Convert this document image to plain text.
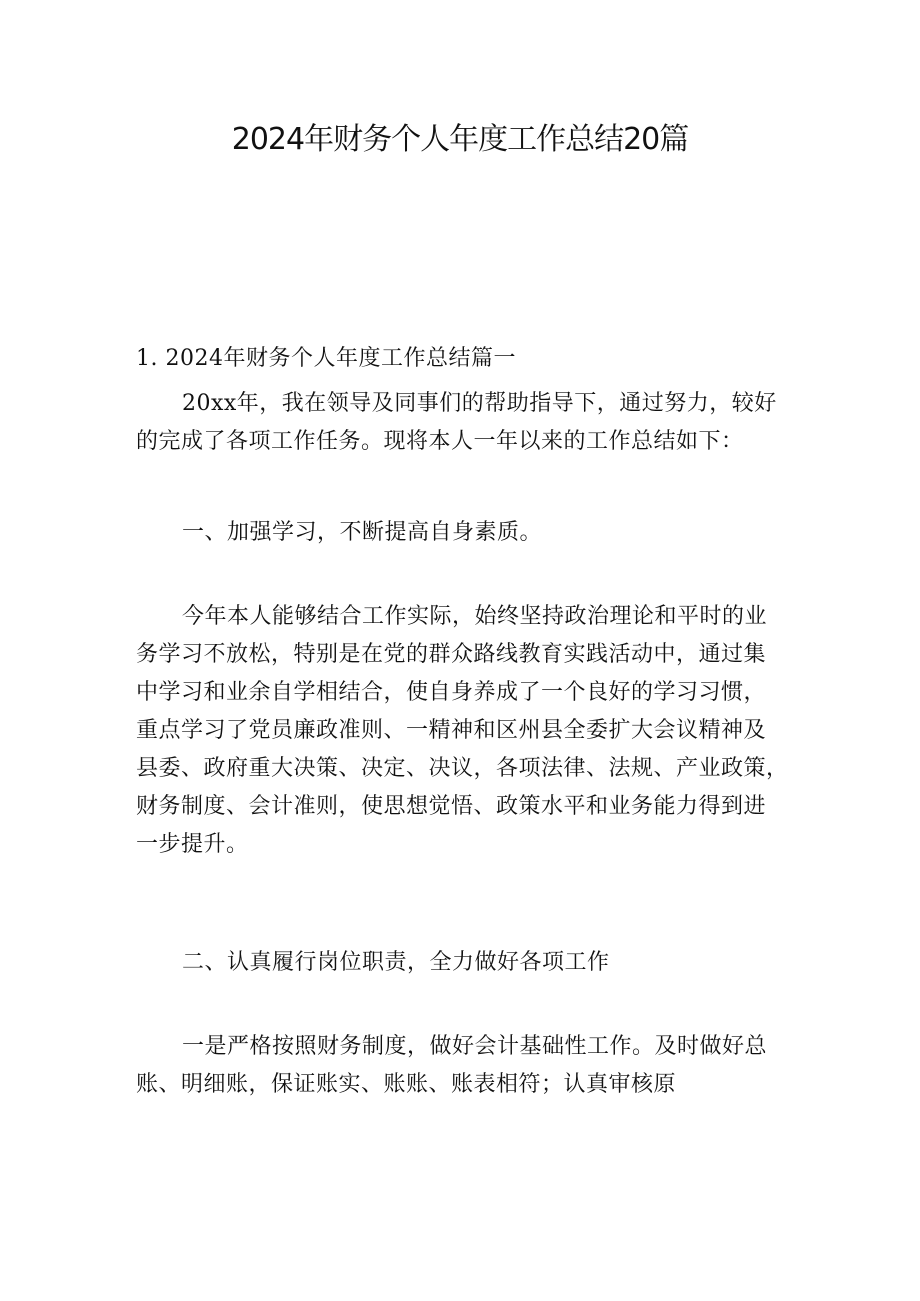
2024年财务个人年度工作总结20篇

1. 2024年财务个人年度工作总结篇一

20xx年，我在领导及同事们的帮助指导下，通过努力，较好
的完成了各项工作任务。现将本人一年以来的工作总结如下：

一、加强学习，不断提高自身素质。

今年本人能够结合工作实际，始终坚持政治理论和平时的业
务学习不放松，特别是在党的群众路线教育实践活动中，通过集
中学习和业余自学相结合，使自身养成了一个良好的学习习惯，
重点学习了党员廉政准则、一精神和区州县全委扩大会议精神及
县委、政府重大决策、决定、决议，各项法律、法规、产业政策，
财务制度、会计准则，使思想觉悟、政策水平和业务能力得到进
一步提升。

二、认真履行岗位职责，全力做好各项工作

一是严格按照财务制度，做好会计基础性工作。及时做好总
账、明细账，保证账实、账账、账表相符；认真审核原
